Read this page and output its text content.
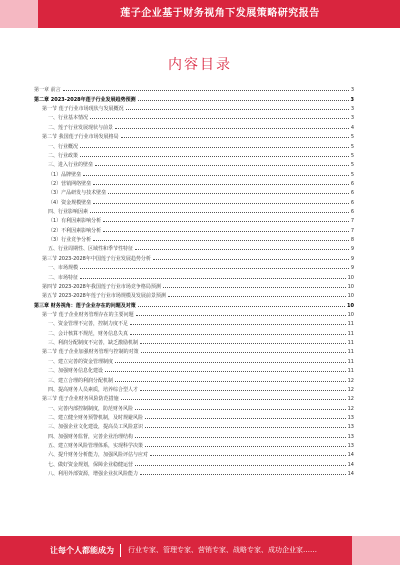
莲子企业基于财务视角下发展策略研究报告
内容目录
第一章 前言	3
第二章 2023-2028年莲子行业发展趋势预测	3
第一节 莲子行业市场现状与发展概况	3
一、行业基本情况	3
二、莲子行业发展现状与前景	4
第二节 我国莲子行业市场发展格局	5
一、行业概况	5
二、行业政策	5
三、进入行业的壁垒	5
（1）品牌壁垒	5
（2）营销网络壁垒	6
（3）产品研发与技术壁垒	6
（4）资金规模壁垒	6
四、行业影响因素	6
（1）有利因素影响分析	7
（2）不利因素影响分析	7
（3）行业竞争分析	8
五、行业周期性、区域性和季节性特征	9
第三节 2023-2028年中国莲子行业发展趋势分析	9
一、市场规模	9
二、市场特征	10
第四节 2023-2028年我国莲子行业市场竞争格局预测	10
第五节 2023-2028年莲子行业市场规模及发展前景预测	10
第三章 财务视角：莲子企业存在的问题及对策	10
第一节 莲子企业财务管理存在的主要问题	10
一、资金管理不完善，控制力度不足	11
二、会计核算不规范，财务信息失真	11
三、利润分配制度不完善，缺乏激励机制	11
第二节 莲子企业加强财务管理与控制的对策	11
一、建立完善的资金管理制度	11
二、加强财务信息化建设	11
三、建立合理的利润分配机制	12
四、提高财务人员素质，培养综合型人才	12
第三节 莲子企业财务风险防范措施	12
一、完善内部控制制度，防范财务风险	12
二、建立健全财务预警机制，及时规避风险	13
三、加强企业文化建设，提高员工风险意识	13
四、加强财务监督，完善企业治理结构	13
五、建立财务风险管理体系，实现科学决策	13
六、提升财务分析能力，加强风险评估与应对	14
七、做好资金规划，保障企业稳健运营	14
八、利用外部资源，增强企业抗风险能力	14
让每个人都能成为 行业专家、管理专家、营销专家、战略专家、成功企业家……
